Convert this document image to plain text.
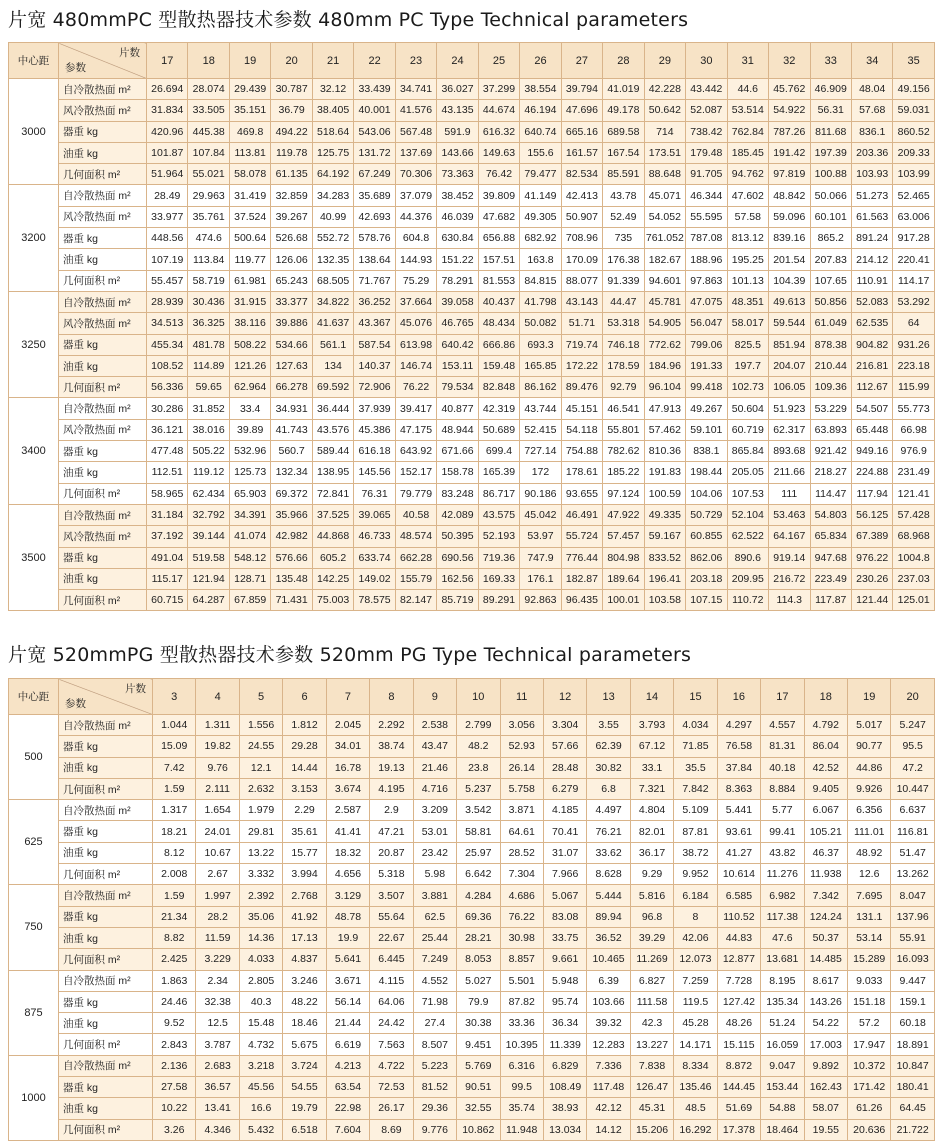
片宽 480mmPC 型散热器技术参数 480mm PC Type Technical parameters
中心距	片数
参数	17	18	19	20	21	22	23	24	25	26	27	28	29	30	31	32	33	34	35
3000	自冷散热面 m²	26.694	28.074	29.439	30.787	32.12	33.439	34.741	36.027	37.299	38.554	39.794	41.019	42.228	43.442	44.6	45.762	46.909	48.04	49.156
	风冷散热面 m²	31.834	33.505	35.151	36.79	38.405	40.001	41.576	43.135	44.674	46.194	47.696	49.178	50.642	52.087	53.514	54.922	56.31	57.68	59.031
	器重 kg	420.96	445.38	469.8	494.22	518.64	543.06	567.48	591.9	616.32	640.74	665.16	689.58	714	738.42	762.84	787.26	811.68	836.1	860.52
	油重 kg	101.87	107.84	113.81	119.78	125.75	131.72	137.69	143.66	149.63	155.6	161.57	167.54	173.51	179.48	185.45	191.42	197.39	203.36	209.33
	几何面积 m²	51.964	55.021	58.078	61.135	64.192	67.249	70.306	73.363	76.42	79.477	82.534	85.591	88.648	91.705	94.762	97.819	100.88	103.93	103.99
3200	自冷散热面 m²	28.49	29.963	31.419	32.859	34.283	35.689	37.079	38.452	39.809	41.149	42.413	43.78	45.071	46.344	47.602	48.842	50.066	51.273	52.465
	风冷散热面 m²	33.977	35.761	37.524	39.267	40.99	42.693	44.376	46.039	47.682	49.305	50.907	52.49	54.052	55.595	57.58	59.096	60.101	61.563	63.006
	器重 kg	448.56	474.6	500.64	526.68	552.72	578.76	604.8	630.84	656.88	682.92	708.96	735	761.052	787.08	813.12	839.16	865.2	891.24	917.28
	油重 kg	107.19	113.84	119.77	126.06	132.35	138.64	144.93	151.22	157.51	163.8	170.09	176.38	182.67	188.96	195.25	201.54	207.83	214.12	220.41
	几何面积 m²	55.457	58.719	61.981	65.243	68.505	71.767	75.29	78.291	81.553	84.815	88.077	91.339	94.601	97.863	101.13	104.39	107.65	110.91	114.17
3250	自冷散热面 m²	28.939	30.436	31.915	33.377	34.822	36.252	37.664	39.058	40.437	41.798	43.143	44.47	45.781	47.075	48.351	49.613	50.856	52.083	53.292
	风冷散热面 m²	34.513	36.325	38.116	39.886	41.637	43.367	45.076	46.765	48.434	50.082	51.71	53.318	54.905	56.047	58.017	59.544	61.049	62.535	64
	器重 kg	455.34	481.78	508.22	534.66	561.1	587.54	613.98	640.42	666.86	693.3	719.74	746.18	772.62	799.06	825.5	851.94	878.38	904.82	931.26
	油重 kg	108.52	114.89	121.26	127.63	134	140.37	146.74	153.11	159.48	165.85	172.22	178.59	184.96	191.33	197.7	204.07	210.44	216.81	223.18
	几何面积 m²	56.336	59.65	62.964	66.278	69.592	72.906	76.22	79.534	82.848	86.162	89.476	92.79	96.104	99.418	102.73	106.05	109.36	112.67	115.99
3400	自冷散热面 m²	30.286	31.852	33.4	34.931	36.444	37.939	39.417	40.877	42.319	43.744	45.151	46.541	47.913	49.267	50.604	51.923	53.229	54.507	55.773
	风冷散热面 m²	36.121	38.016	39.89	41.743	43.576	45.386	47.175	48.944	50.689	52.415	54.118	55.801	57.462	59.101	60.719	62.317	63.893	65.448	66.98
	器重 kg	477.48	505.22	532.96	560.7	589.44	616.18	643.92	671.66	699.4	727.14	754.88	782.62	810.36	838.1	865.84	893.68	921.42	949.16	976.9
	油重 kg	112.51	119.12	125.73	132.34	138.95	145.56	152.17	158.78	165.39	172	178.61	185.22	191.83	198.44	205.05	211.66	218.27	224.88	231.49
	几何面积 m²	58.965	62.434	65.903	69.372	72.841	76.31	79.779	83.248	86.717	90.186	93.655	97.124	100.59	104.06	107.53	111	114.47	117.94	121.41
3500	自冷散热面 m²	31.184	32.792	34.391	35.966	37.525	39.065	40.58	42.089	43.575	45.042	46.491	47.922	49.335	50.729	52.104	53.463	54.803	56.125	57.428
	风冷散热面 m²	37.192	39.144	41.074	42.982	44.868	46.733	48.574	50.395	52.193	53.97	55.724	57.457	59.167	60.855	62.522	64.167	65.834	67.389	68.968
	器重 kg	491.04	519.58	548.12	576.66	605.2	633.74	662.28	690.56	719.36	747.9	776.44	804.98	833.52	862.06	890.6	919.14	947.68	976.22	1004.8
	油重 kg	115.17	121.94	128.71	135.48	142.25	149.02	155.79	162.56	169.33	176.1	182.87	189.64	196.41	203.18	209.95	216.72	223.49	230.26	237.03
	几何面积 m²	60.715	64.287	67.859	71.431	75.003	78.575	82.147	85.719	89.291	92.863	96.435	100.01	103.58	107.15	110.72	114.3	117.87	121.44	125.01
片宽 520mmPG 型散热器技术参数 520mm PG Type Technical parameters
中心距	片数
参数	3	4	5	6	7	8	9	10	11	12	13	14	15	16	17	18	19	20
500	自冷散热面 m²	1.044	1.311	1.556	1.812	2.045	2.292	2.538	2.799	3.056	3.304	3.55	3.793	4.034	4.297	4.557	4.792	5.017	5.247
	器重 kg	15.09	19.82	24.55	29.28	34.01	38.74	43.47	48.2	52.93	57.66	62.39	67.12	71.85	76.58	81.31	86.04	90.77	95.5
	油重 kg	7.42	9.76	12.1	14.44	16.78	19.13	21.46	23.8	26.14	28.48	30.82	33.1	35.5	37.84	40.18	42.52	44.86	47.2
	几何面积 m²	1.59	2.111	2.632	3.153	3.674	4.195	4.716	5.237	5.758	6.279	6.8	7.321	7.842	8.363	8.884	9.405	9.926	10.447
625	自冷散热面 m²	1.317	1.654	1.979	2.29	2.587	2.9	3.209	3.542	3.871	4.185	4.497	4.804	5.109	5.441	5.77	6.067	6.356	6.637
	器重 kg	18.21	24.01	29.81	35.61	41.41	47.21	53.01	58.81	64.61	70.41	76.21	82.01	87.81	93.61	99.41	105.21	111.01	116.81
	油重 kg	8.12	10.67	13.22	15.77	18.32	20.87	23.42	25.97	28.52	31.07	33.62	36.17	38.72	41.27	43.82	46.37	48.92	51.47
	几何面积 m²	2.008	2.67	3.332	3.994	4.656	5.318	5.98	6.642	7.304	7.966	8.628	9.29	9.952	10.614	11.276	11.938	12.6	13.262
750	自冷散热面 m²	1.59	1.997	2.392	2.768	3.129	3.507	3.881	4.284	4.686	5.067	5.444	5.816	6.184	6.585	6.982	7.342	7.695	8.047
	器重 kg	21.34	28.2	35.06	41.92	48.78	55.64	62.5	69.36	76.22	83.08	89.94	96.8	8	110.52	117.38	124.24	131.1	137.96
	油重 kg	8.82	11.59	14.36	17.13	19.9	22.67	25.44	28.21	30.98	33.75	36.52	39.29	42.06	44.83	47.6	50.37	53.14	55.91
	几何面积 m²	2.425	3.229	4.033	4.837	5.641	6.445	7.249	8.053	8.857	9.661	10.465	11.269	12.073	12.877	13.681	14.485	15.289	16.093
875	自冷散热面 m²	1.863	2.34	2.805	3.246	3.671	4.115	4.552	5.027	5.501	5.948	6.39	6.827	7.259	7.728	8.195	8.617	9.033	9.447
	器重 kg	24.46	32.38	40.3	48.22	56.14	64.06	71.98	79.9	87.82	95.74	103.66	111.58	119.5	127.42	135.34	143.26	151.18	159.1
	油重 kg	9.52	12.5	15.48	18.46	21.44	24.42	27.4	30.38	33.36	36.34	39.32	42.3	45.28	48.26	51.24	54.22	57.2	60.18
	几何面积 m²	2.843	3.787	4.732	5.675	6.619	7.563	8.507	9.451	10.395	11.339	12.283	13.227	14.171	15.115	16.059	17.003	17.947	18.891
1000	自冷散热面 m²	2.136	2.683	3.218	3.724	4.213	4.722	5.223	5.769	6.316	6.829	7.336	7.838	8.334	8.872	9.047	9.892	10.372	10.847
	器重 kg	27.58	36.57	45.56	54.55	63.54	72.53	81.52	90.51	99.5	108.49	117.48	126.47	135.46	144.45	153.44	162.43	171.42	180.41
	油重 kg	10.22	13.41	16.6	19.79	22.98	26.17	29.36	32.55	35.74	38.93	42.12	45.31	48.5	51.69	54.88	58.07	61.26	64.45
	几何面积 m²	3.26	4.346	5.432	6.518	7.604	8.69	9.776	10.862	11.948	13.034	14.12	15.206	16.292	17.378	18.464	19.55	20.636	21.722
